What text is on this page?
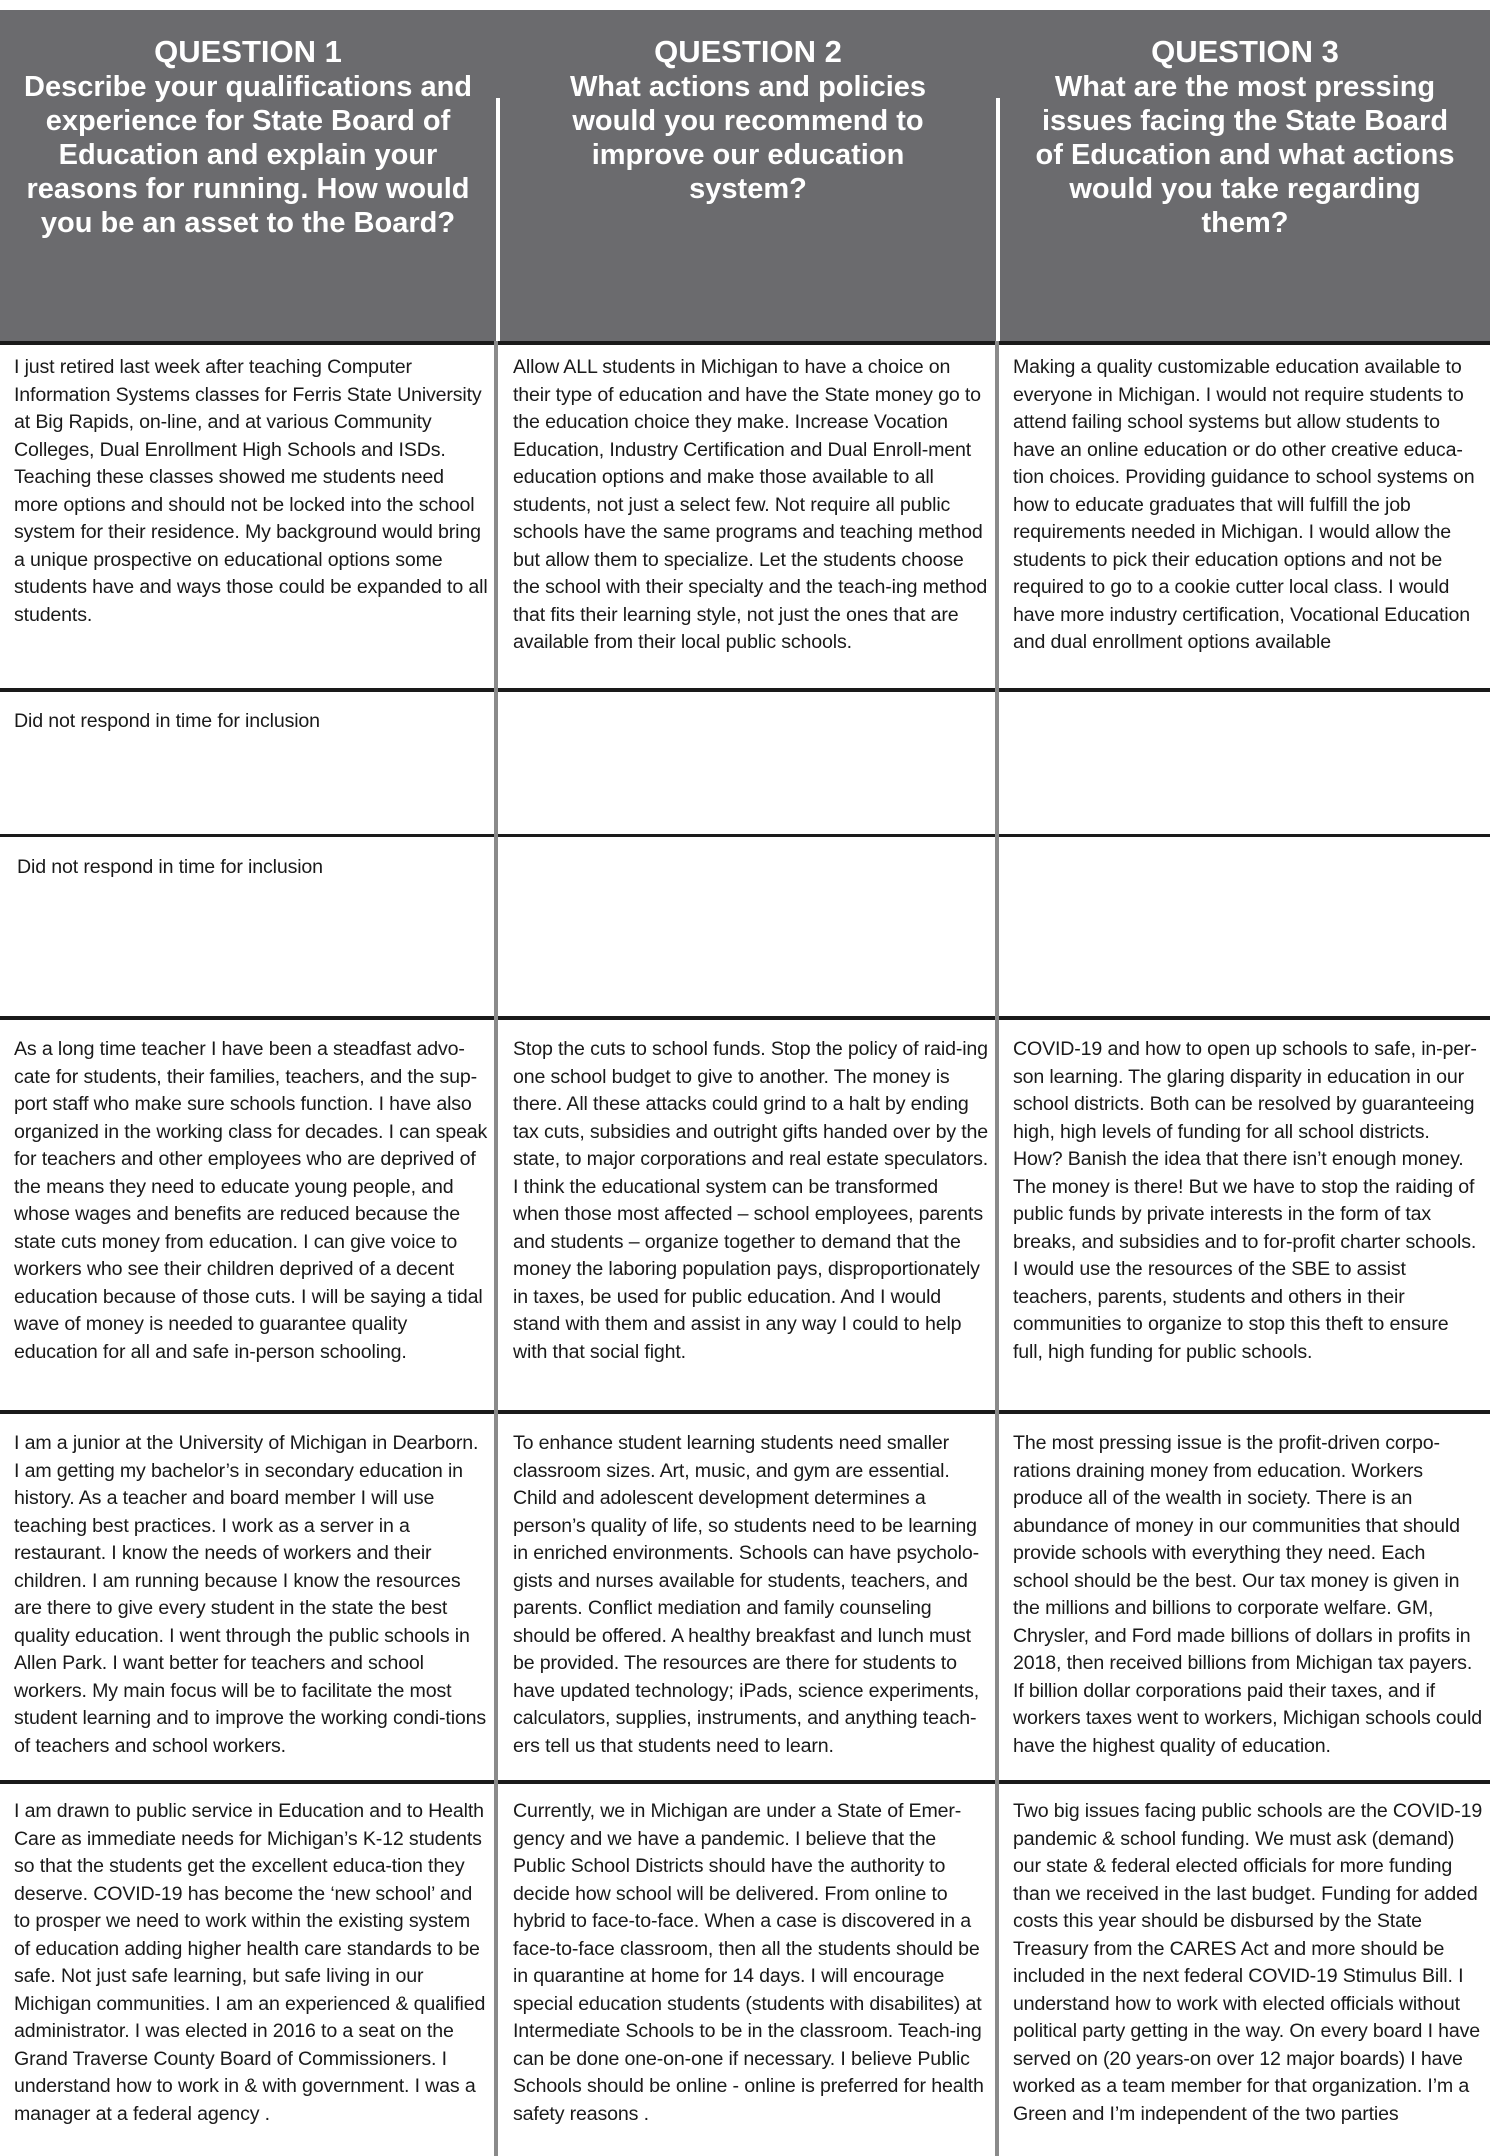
QUESTION 1
Describe your qualifications and experience for State Board of Education and explain your reasons for running. How would you be an asset to the Board?
QUESTION 2
What actions and policies would you recommend to improve our education system?
QUESTION 3
What are the most pressing issues facing the State Board of Education and what actions would you take regarding them?
I just retired last week after teaching Computer Information Systems classes for Ferris State University at Big Rapids, on-line, and at various Community Colleges, Dual Enrollment High Schools and ISDs. Teaching these classes showed me students need more options and should not be locked into the school system for their residence. My background would bring a unique prospective on educational options some students have and ways those could be expanded to all students.
Allow ALL students in Michigan to have a choice on their type of education and have the State money go to the education choice they make. Increase Vocation Education, Industry Certification and Dual Enroll-ment education options and make those available to all students, not just a select few. Not require all public schools have the same programs and teaching method but allow them to specialize. Let the students choose the school with their specialty and the teach-ing method that fits their learning style, not just the ones that are available from their local public schools.
Making a quality customizable education available to everyone in Michigan. I would not require students to attend failing school systems but allow students to have an online education or do other creative educa-tion choices. Providing guidance to school systems on how to educate graduates that will fulfill the job requirements needed in Michigan. I would allow the students to pick their education options and not be required to go to a cookie cutter local class. I would have more industry certification, Vocational Education and dual enrollment options available
Did not respond in time for inclusion
Did not respond in time for inclusion
As a long time teacher I have been a steadfast advo-cate for students, their families, teachers, and the sup-port staff who make sure schools function. I have also organized in the working class for decades. I can speak for teachers and other employees who are deprived of the means they need to educate young people, and whose wages and benefits are reduced because the state cuts money from education. I can give voice to workers who see their children deprived of a decent education because of those cuts. I will be saying a tidal wave of money is needed to guarantee quality education for all and safe in-person schooling.
Stop the cuts to school funds. Stop the policy of raid-ing one school budget to give to another. The money is there. All these attacks could grind to a halt by ending tax cuts, subsidies and outright gifts handed over by the state, to major corporations and real estate speculators. I think the educational system can be transformed when those most affected – school employees, parents and students – organize together to demand that the money the laboring population pays, disproportionately in taxes, be used for public education. And I would stand with them and assist in any way I could to help with that social fight.
COVID-19 and how to open up schools to safe, in-per-son learning. The glaring disparity in education in our school districts. Both can be resolved by guaranteeing high, high levels of funding for all school districts. How? Banish the idea that there isn’t enough money. The money is there! But we have to stop the raiding of public funds by private interests in the form of tax breaks, and subsidies and to for-profit charter schools. I would use the resources of the SBE to assist teachers, parents, students and others in their communities to organize to stop this theft to ensure full, high funding for public schools.
I am a junior at the University of Michigan in Dearborn. I am getting my bachelor’s in secondary education in history. As a teacher and board member I will use teaching best practices. I work as a server in a restaurant. I know the needs of workers and their children. I am running because I know the resources are there to give every student in the state the best quality education. I went through the public schools in Allen Park. I want better for teachers and school workers. My main focus will be to facilitate the most student learning and to improve the working condi-tions of teachers and school workers.
To enhance student learning students need smaller classroom sizes. Art, music, and gym are essential. Child and adolescent development determines a person’s quality of life, so students need to be learning in enriched environments. Schools can have psycholo-gists and nurses available for students, teachers, and parents. Conflict mediation and family counseling should be offered. A healthy breakfast and lunch must be provided. The resources are there for students to have updated technology; iPads, science experiments, calculators, supplies, instruments, and anything teach-ers tell us that students need to learn.
The most pressing issue is the profit-driven corpo-rations draining money from education. Workers produce all of the wealth in society. There is an abundance of money in our communities that should provide schools with everything they need. Each school should be the best. Our tax money is given in the millions and billions to corporate welfare. GM, Chrysler, and Ford made billions of dollars in profits in 2018, then received billions from Michigan tax payers. If billion dollar corporations paid their taxes, and if workers taxes went to workers, Michigan schools could have the highest quality of education.
I am drawn to public service in Education and to Health Care as immediate needs for Michigan’s K-12 students so that the students get the excellent educa-tion they deserve. COVID-19 has become the ‘new school’ and to prosper we need to work within the existing system of education adding higher health care standards to be safe. Not just safe learning, but safe living in our Michigan communities. I am an experienced & qualified administrator. I was elected in 2016 to a seat on the Grand Traverse County Board of Commissioners. I understand how to work in & with government. I was a manager at a federal agency .
Currently, we in Michigan are under a State of Emer-gency and we have a pandemic. I believe that the Public School Districts should have the authority to decide how school will be delivered. From online to hybrid to face-to-face. When a case is discovered in a face-to-face classroom, then all the students should be in quarantine at home for 14 days. I will encourage special education students (students with disabilites) at Intermediate Schools to be in the classroom. Teach-ing can be done one-on-one if necessary. I believe Public Schools should be online - online is preferred for health safety reasons .
Two big issues facing public schools are the COVID-19 pandemic & school funding. We must ask (demand) our state & federal elected officials for more funding than we received in the last budget. Funding for added costs this year should be disbursed by the State Treasury from the CARES Act and more should be included in the next federal COVID-19 Stimulus Bill. I understand how to work with elected officials without political party getting in the way. On every board I have served on (20 years-on over 12 major boards) I have worked as a team member for that organization. I’m a Green and I’m independent of the two parties
